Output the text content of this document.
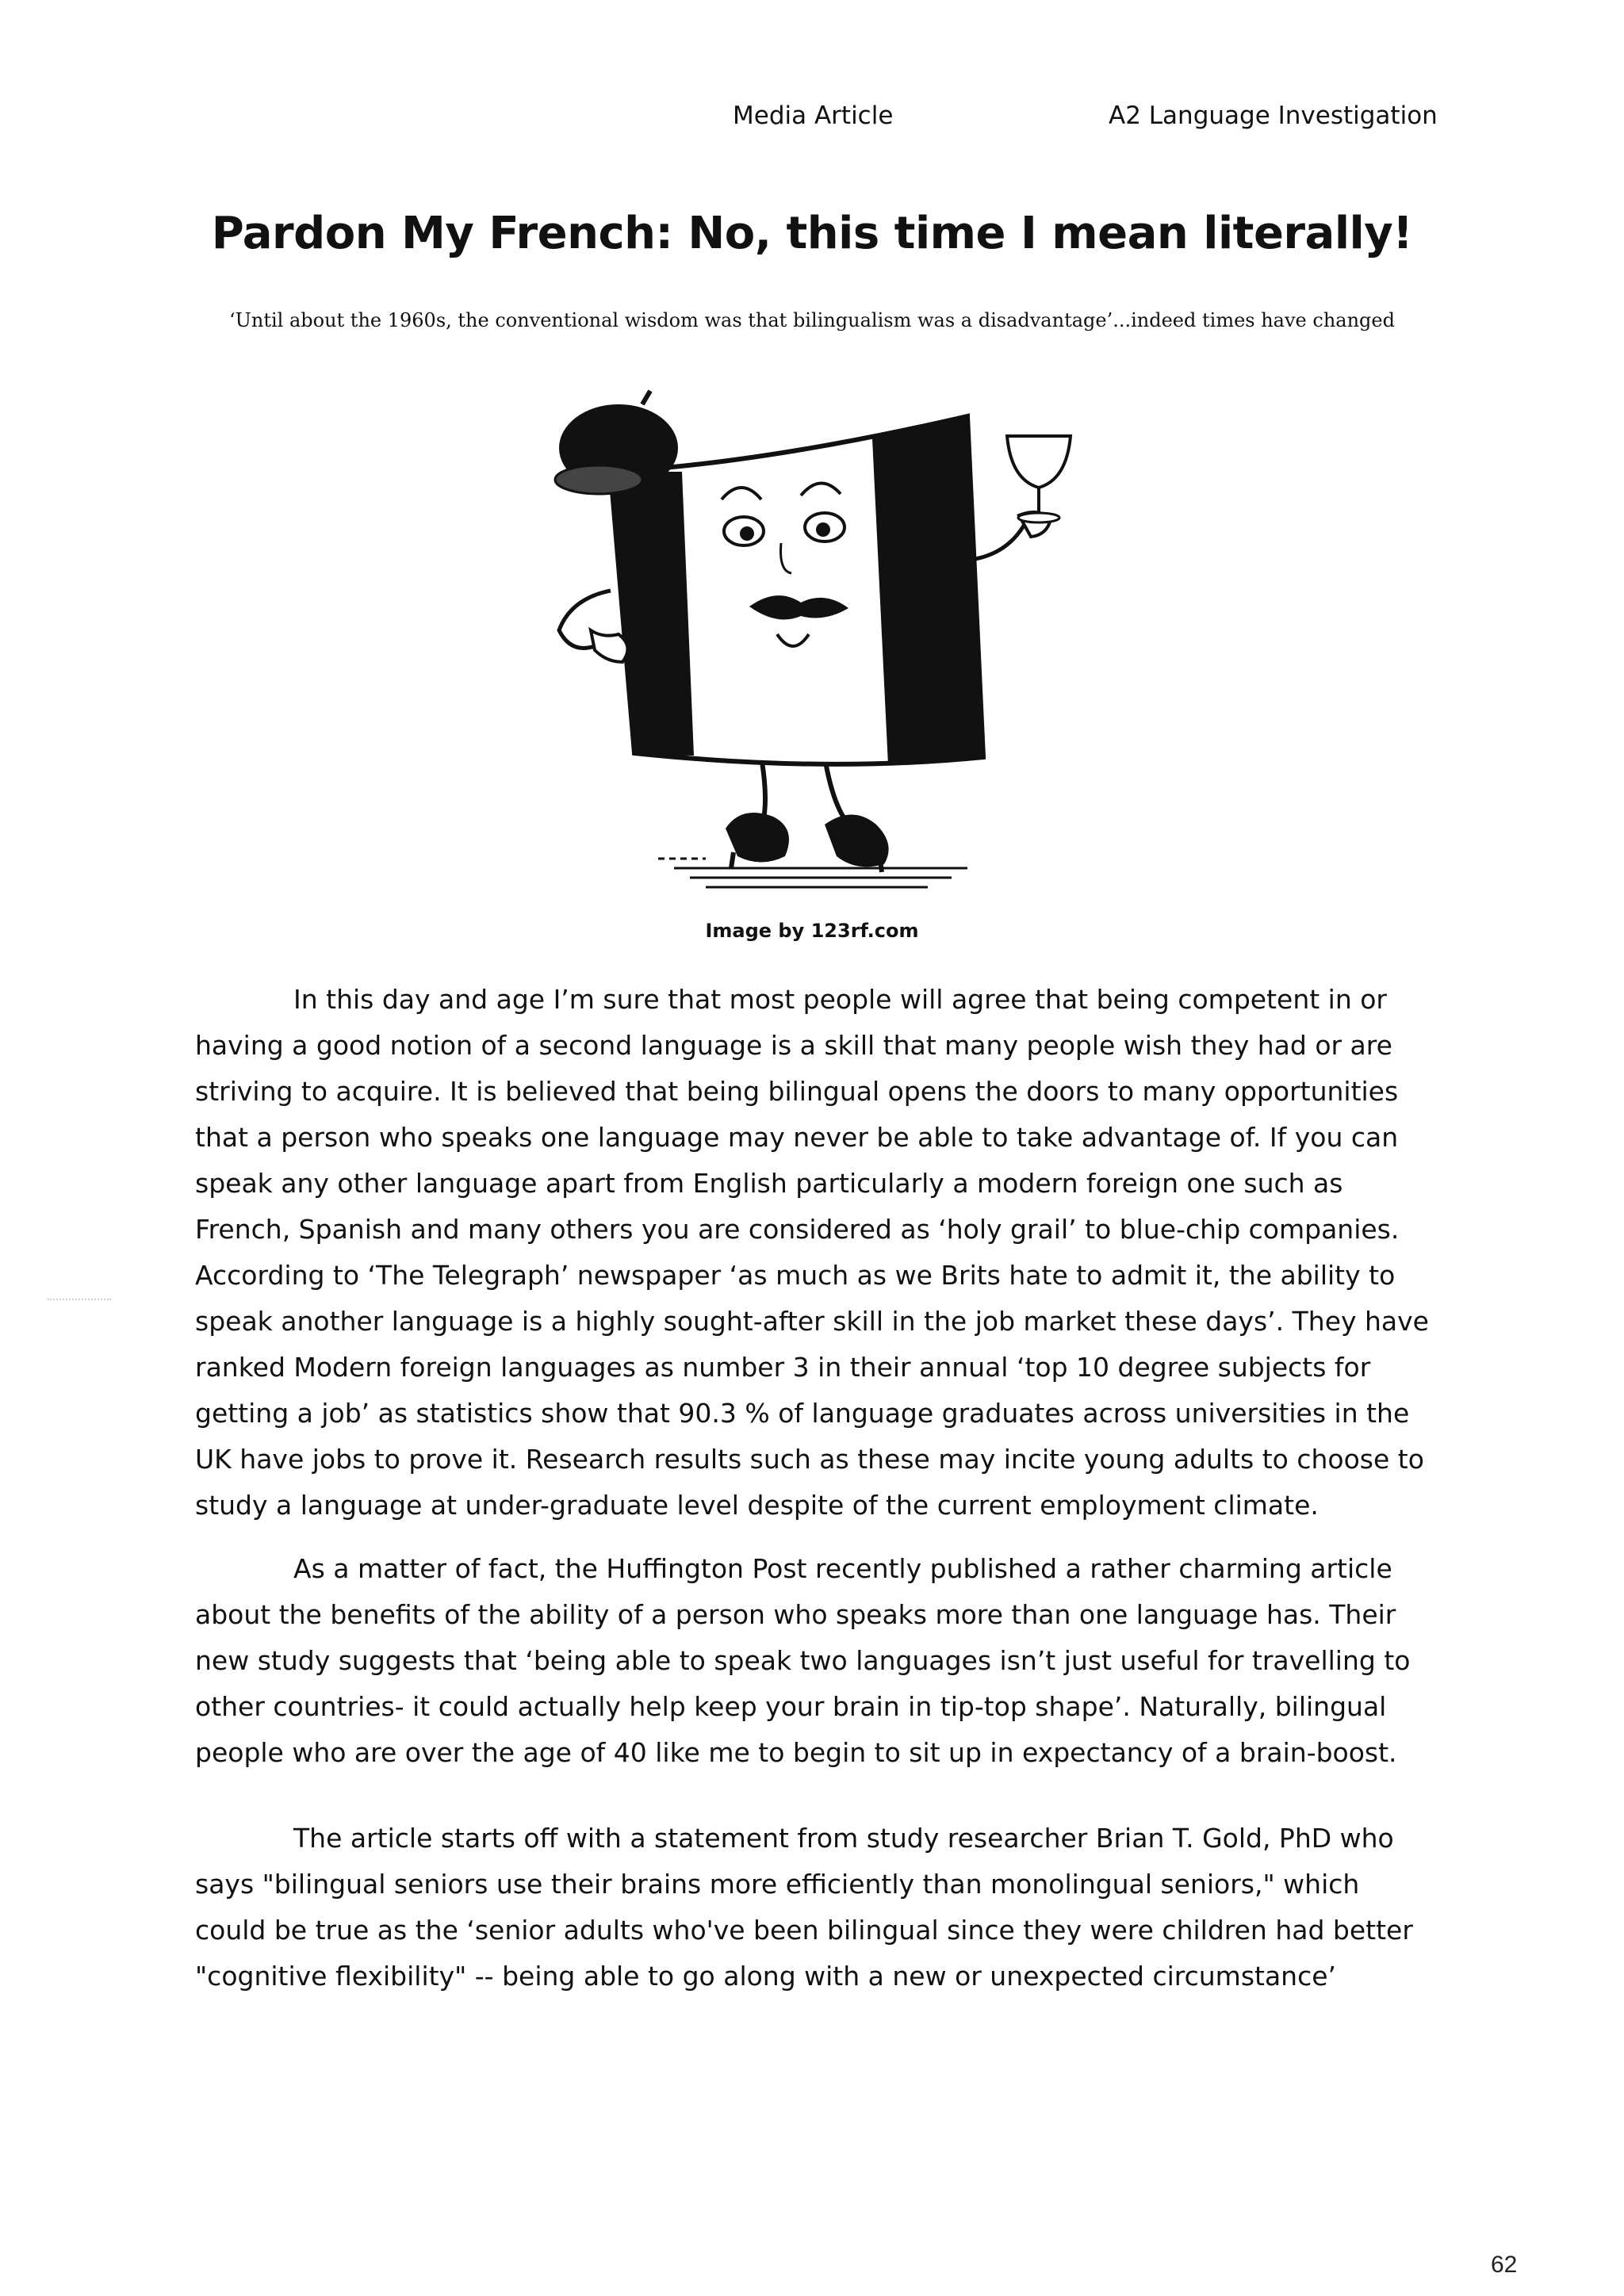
Media Article	A2 Language Investigation
Pardon My French: No, this time I mean literally!

‘Until about the 1960s, the conventional wisdom was that bilingualism was a disadvantage’...indeed times have changed

Image by 123rf.com

In this day and age I’m sure that most people will agree that being competent in or having a good notion of a second language is a skill that many people wish they had or are striving to acquire. It is believed that being bilingual opens the doors to many opportunities that a person who speaks one language may never be able to take advantage of. If you can speak any other language apart from English particularly a modern foreign one such as French, Spanish and many others you are considered as ‘holy grail’ to blue-chip companies. According to ‘The Telegraph’ newspaper ‘as much as we Brits hate to admit it, the ability to speak another language is a highly sought-after skill in the job market these days’. They have ranked Modern foreign languages as number 3 in their annual ‘top 10 degree subjects for getting a job’ as statistics show that 90.3 % of language graduates across universities in the UK have jobs to prove it. Research results such as these may incite young adults to choose to study a language at under-graduate level despite of the current employment climate.

As a matter of fact, the Huffington Post recently published a rather charming article about the benefits of the ability of a person who speaks more than one language has. Their new study suggests that ‘being able to speak two languages isn’t just useful for travelling to other countries- it could actually help keep your brain in tip-top shape’. Naturally, bilingual people who are over the age of 40 like me to begin to sit up in expectancy of a brain-boost.

The article starts off with a statement from study researcher Brian T. Gold, PhD who says "bilingual seniors use their brains more efficiently than monolingual seniors," which could be true as the ‘senior adults who've been bilingual since they were children had better "cognitive flexibility" -- being able to go along with a new or unexpected circumstance’

62
